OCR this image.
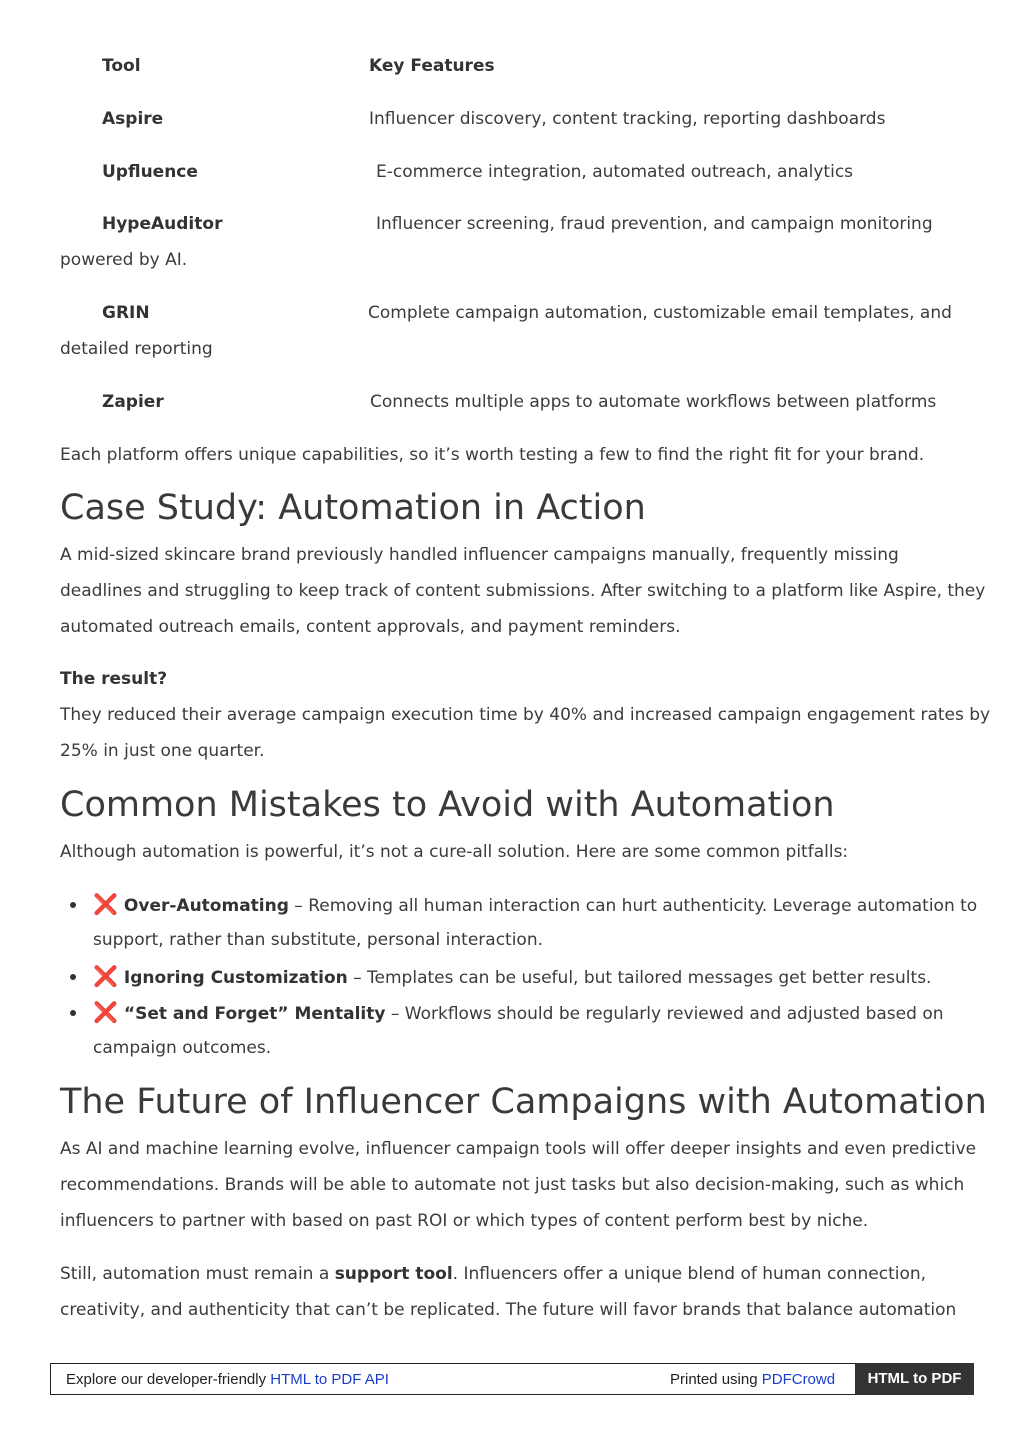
Tool	Key Features
Aspire	Influencer discovery, content tracking, reporting dashboards
Upfluence	E-commerce integration, automated outreach, analytics
HypeAuditor	Influencer screening, fraud prevention, and campaign monitoring
powered by AI.
GRIN	Complete campaign automation, customizable email templates, and
detailed reporting
Zapier	Connects multiple apps to automate workflows between platforms
Each platform offers unique capabilities, so it’s worth testing a few to find the right fit for your brand.
Case Study: Automation in Action
A mid-sized skincare brand previously handled influencer campaigns manually, frequently missing
deadlines and struggling to keep track of content submissions. After switching to a platform like Aspire, they
automated outreach emails, content approvals, and payment reminders.
The result?
They reduced their average campaign execution time by 40% and increased campaign engagement rates by
25% in just one quarter.
Common Mistakes to Avoid with Automation
Although automation is powerful, it’s not a cure-all solution. Here are some common pitfalls:
❌ Over-Automating – Removing all human interaction can hurt authenticity. Leverage automation to
support, rather than substitute, personal interaction.
❌ Ignoring Customization – Templates can be useful, but tailored messages get better results.
❌ “Set and Forget” Mentality – Workflows should be regularly reviewed and adjusted based on
campaign outcomes.
The Future of Influencer Campaigns with Automation
As AI and machine learning evolve, influencer campaign tools will offer deeper insights and even predictive
recommendations. Brands will be able to automate not just tasks but also decision-making, such as which
influencers to partner with based on past ROI or which types of content perform best by niche.
Still, automation must remain a support tool. Influencers offer a unique blend of human connection,
creativity, and authenticity that can’t be replicated. The future will favor brands that balance automation
Explore our developer-friendly HTML to PDF API	Printed using PDFCrowd	HTML to PDF
